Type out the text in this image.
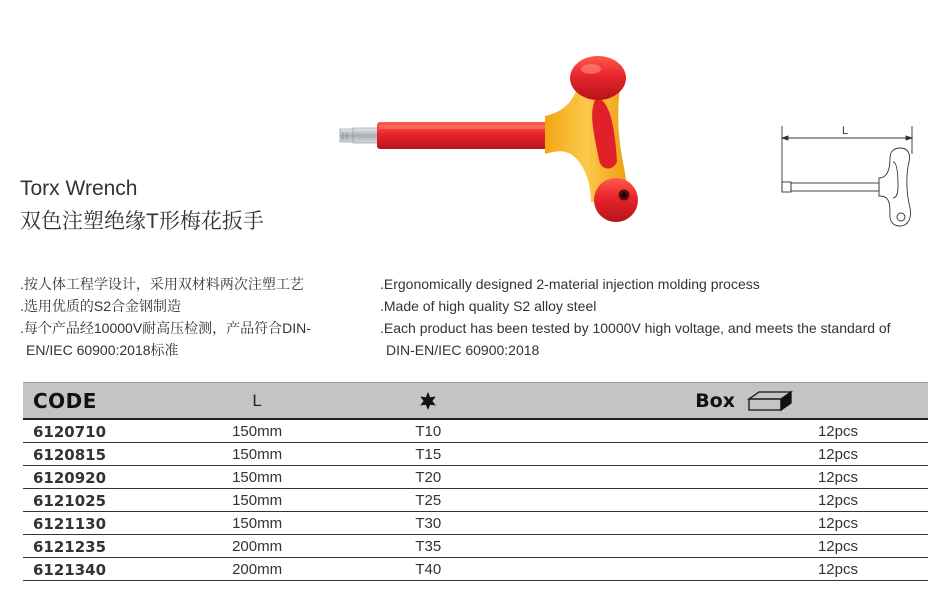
L
Torx Wrench
双色注塑绝缘T形梅花扳手
.按人体工程学设计，采用双材料两次注塑工艺
.选用优质的S2合金钢制造
.每个产品经10000V耐高压检测，产品符合DIN-
EN/IEC 60900:2018标准
.Ergonomically designed 2-material injection molding process
.Made of high quality S2 alloy steel
.Each product has been tested by 10000V high voltage, and meets the standard of
DIN-EN/IEC 60900:2018
CODE	L		Box
6120710	150mm	T10	12pcs
6120815	150mm	T15	12pcs
6120920	150mm	T20	12pcs
6121025	150mm	T25	12pcs
6121130	150mm	T30	12pcs
6121235	200mm	T35	12pcs
6121340	200mm	T40	12pcs
